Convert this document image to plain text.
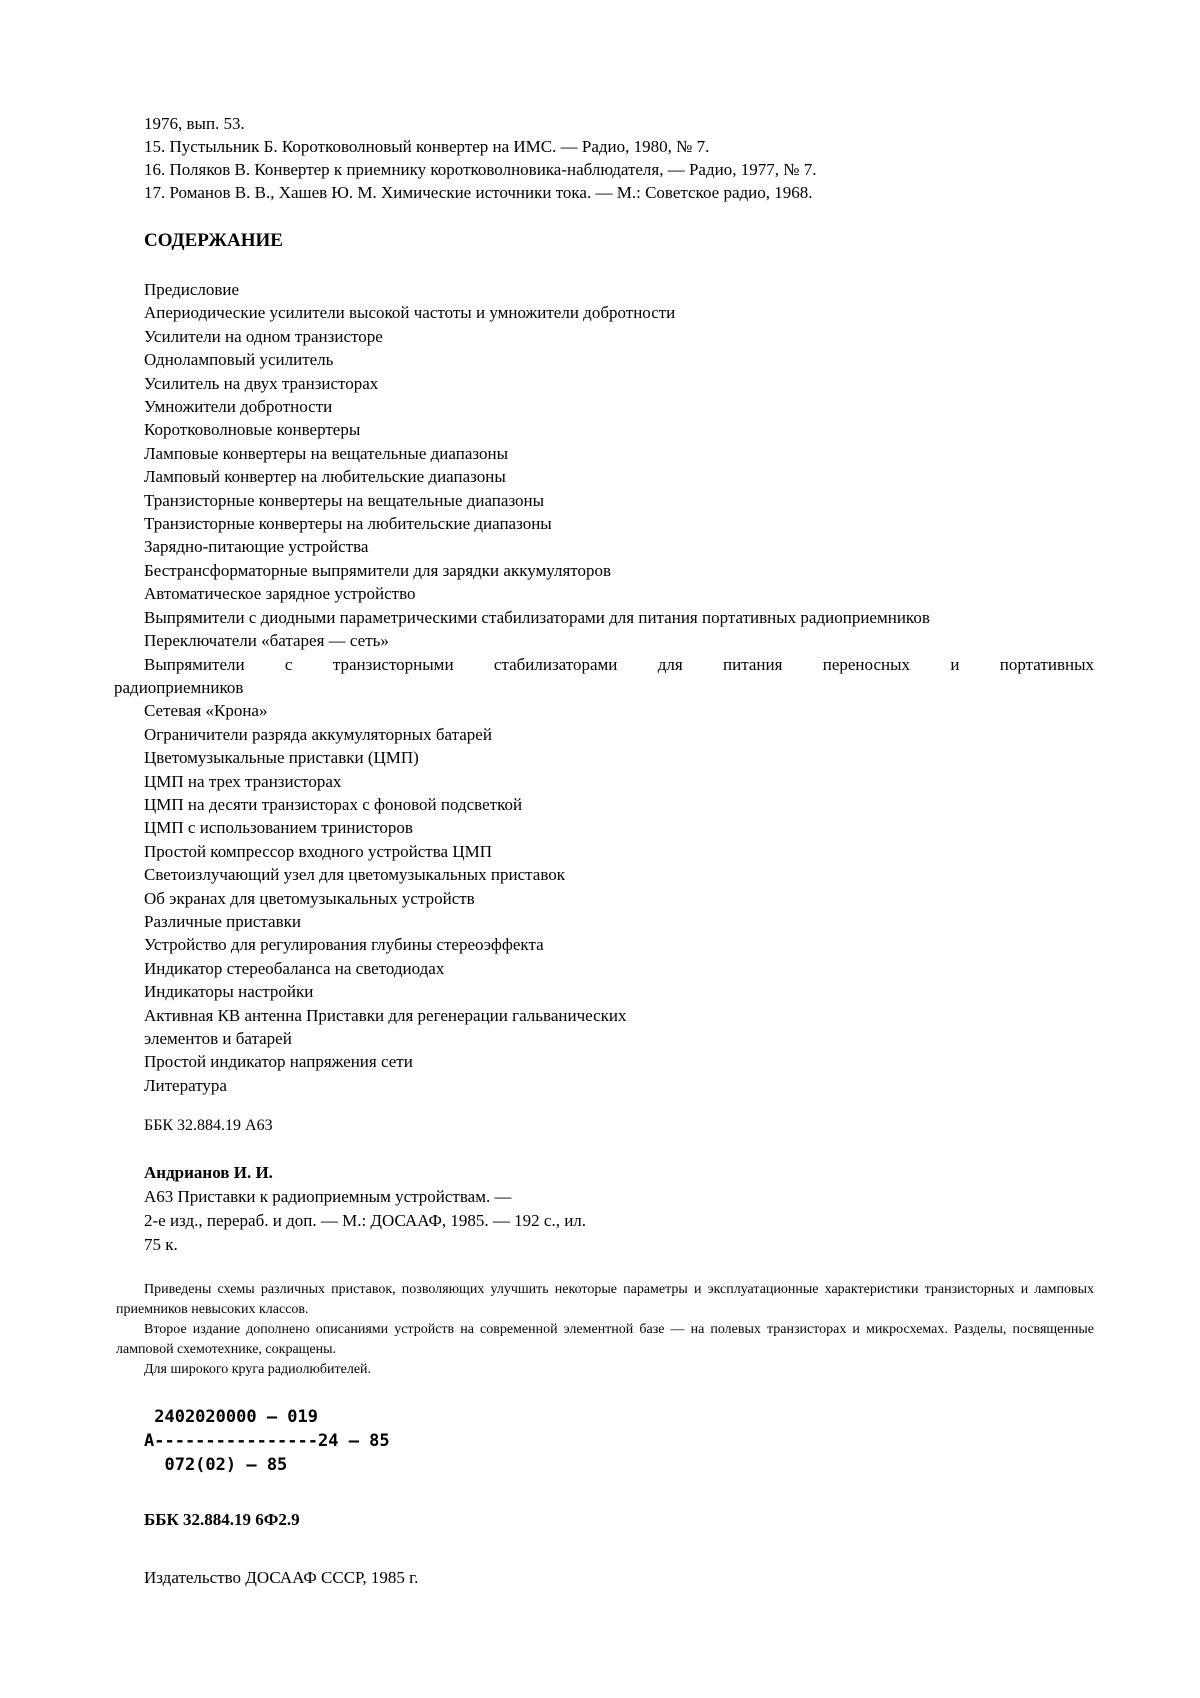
1976, вып. 53.
15. Пустыльник Б. Коротковолновый конвертер на ИМС. — Радио, 1980, № 7.
16. Поляков В. Конвертер к приемнику коротковолновика-наблюдателя, — Радио, 1977, № 7.
17. Романов В. В., Хашев Ю. М. Химические источники тока. — М.: Советское радио, 1968.
СОДЕРЖАНИЕ
Предисловие
Апериодические усилители высокой частоты и умножители добротности
Усилители на одном транзисторе
Однoламповый усилитель
Усилитель на двух транзисторах
Умножители добротности
Коротковолновые конвертеры
Ламповые конвертеры на вещательные диапазоны
Ламповый конвертер на любительские диапазоны
Транзисторные конвертеры на вещательные диапазоны
Транзисторные конвертеры на любительские диапазоны
Зарядно-питающие устройства
Бестрансформаторные выпрямители для зарядки аккумуляторов
Автоматическое зарядное устройство
Выпрямители с диодными параметрическими стабилизаторами для питания портативных радиоприемников
Переключатели «батарея — сеть»
Выпрямители с транзисторными стабилизаторами для питания переносных и портативных
радиоприемников
Сетевая «Крона»
Ограничители разряда аккумуляторных батарей
Цветомузыкальные приставки (ЦМП)
ЦМП на трех транзисторах
ЦМП на десяти транзисторах с фоновой подсветкой
ЦМП с использованием тринисторов
Простой компрессор входного устройства ЦМП
Светоизлучающий узел для цветомузыкальных приставок
Об экранах для цветомузыкальных устройств
Различные приставки
Устройство для регулирования глубины стереоэффекта
Индикатор стереобаланса на светодиодах
Индикаторы настройки
Активная КВ антенна Приставки для регенерации гальванических
элементов и батарей
Простой индикатор напряжения сети
Литература
ББК 32.884.19 А63
Андрианов И. И.
А63 Приставки к радиоприемным устройствам. —
2-е изд., перераб. и доп. — М.: ДОСААФ, 1985. — 192 с., ил.
75 к.

Приведены схемы различных приставок, позволяющих улучшить некоторые параметры и эксплуатационные характеристики транзисторных и ламповых приемников невысоких классов.

Второе издание дополнено описаниями устройств на современной элементной базе — на полевых транзисторах и микросхемах. Разделы, посвященные ламповой схемотехнике, сокращены.

Для широкого круга радиолюбителей.

2402020000 — 019
А----------------24 — 85
072(02) — 85
ББК 32.884.19 6Ф2.9
Издательство ДОСААФ СССР, 1985 г.
